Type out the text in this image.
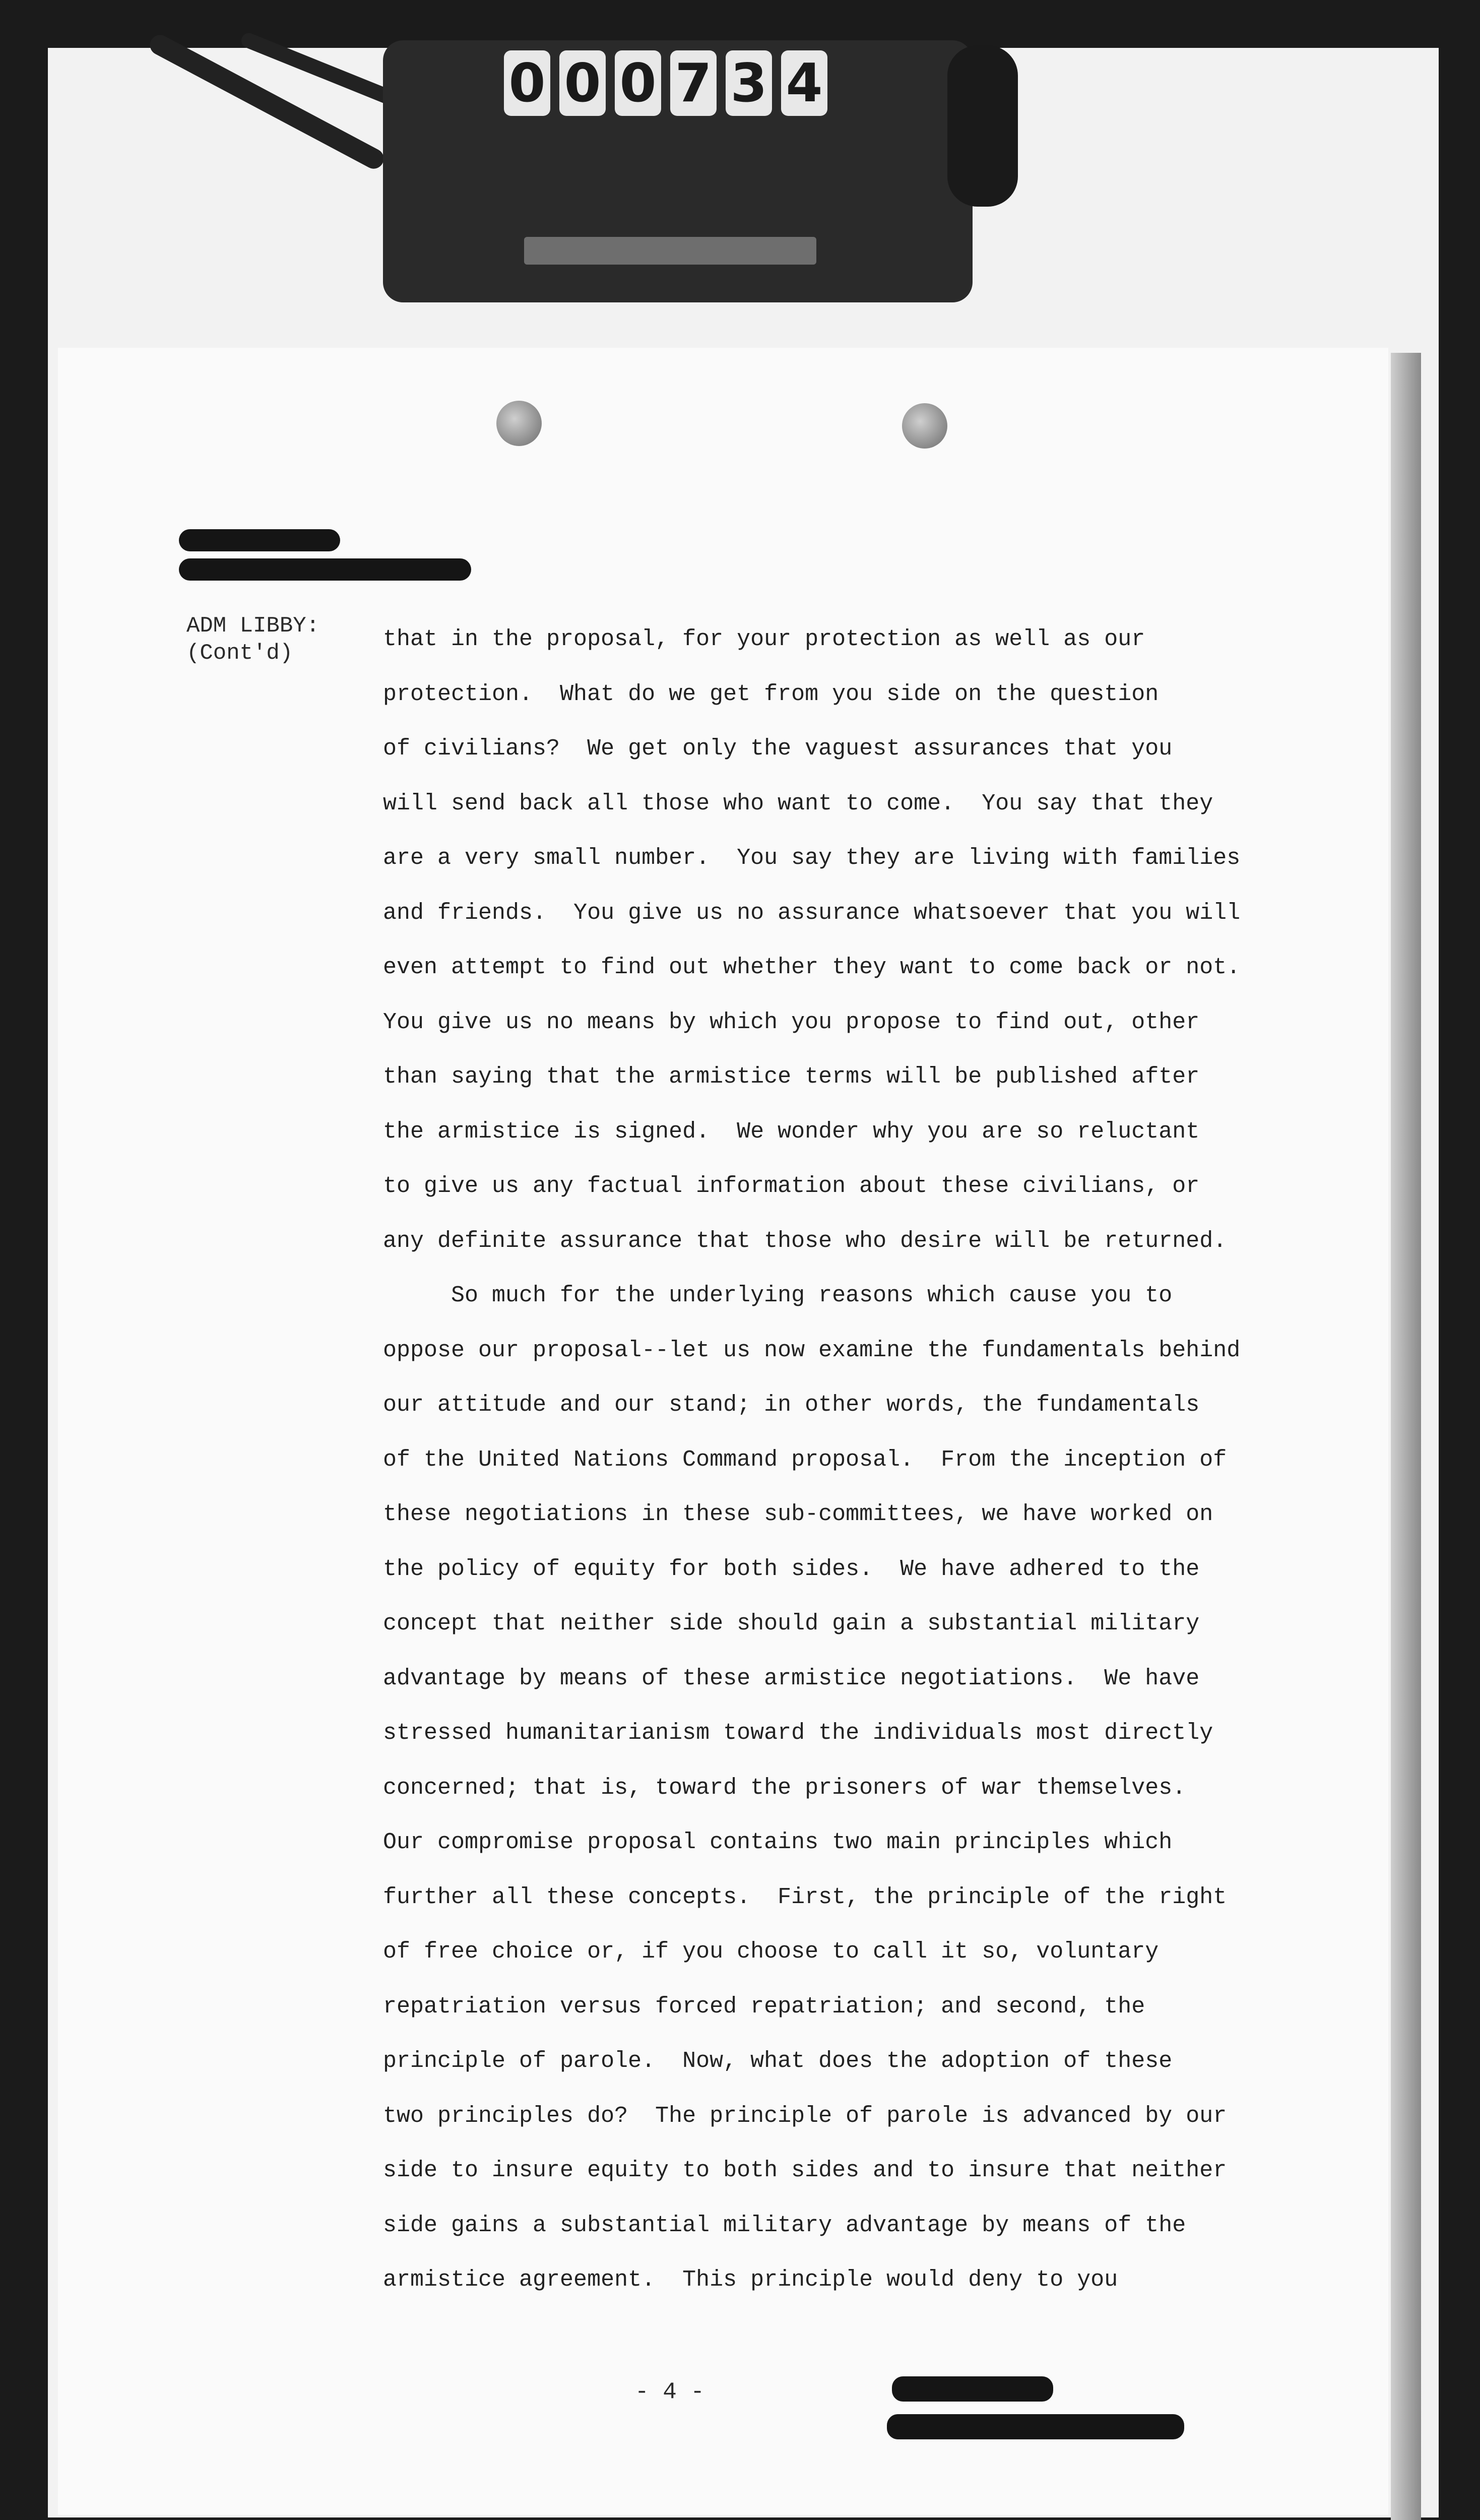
0 0 0 7 3 4
ADM LIBBY:
(Cont'd)
that in the proposal, for your protection as well as our
protection.  What do we get from you side on the question
of civilians?  We get only the vaguest assurances that you
will send back all those who want to come.  You say that they
are a very small number.  You say they are living with families
and friends.  You give us no assurance whatsoever that you will
even attempt to find out whether they want to come back or not.
You give us no means by which you propose to find out, other
than saying that the armistice terms will be published after
the armistice is signed.  We wonder why you are so reluctant
to give us any factual information about these civilians, or
any definite assurance that those who desire will be returned.
So much for the underlying reasons which cause you to
oppose our proposal--let us now examine the fundamentals behind
our attitude and our stand; in other words, the fundamentals
of the United Nations Command proposal.  From the inception of
these negotiations in these sub-committees, we have worked on
the policy of equity for both sides.  We have adhered to the
concept that neither side should gain a substantial military
advantage by means of these armistice negotiations.  We have
stressed humanitarianism toward the individuals most directly
concerned; that is, toward the prisoners of war themselves.
Our compromise proposal contains two main principles which
further all these concepts.  First, the principle of the right
of free choice or, if you choose to call it so, voluntary
repatriation versus forced repatriation; and second, the
principle of parole.  Now, what does the adoption of these
two principles do?  The principle of parole is advanced by our
side to insure equity to both sides and to insure that neither
side gains a substantial military advantage by means of the
armistice agreement.  This principle would deny to you
- 4 -
